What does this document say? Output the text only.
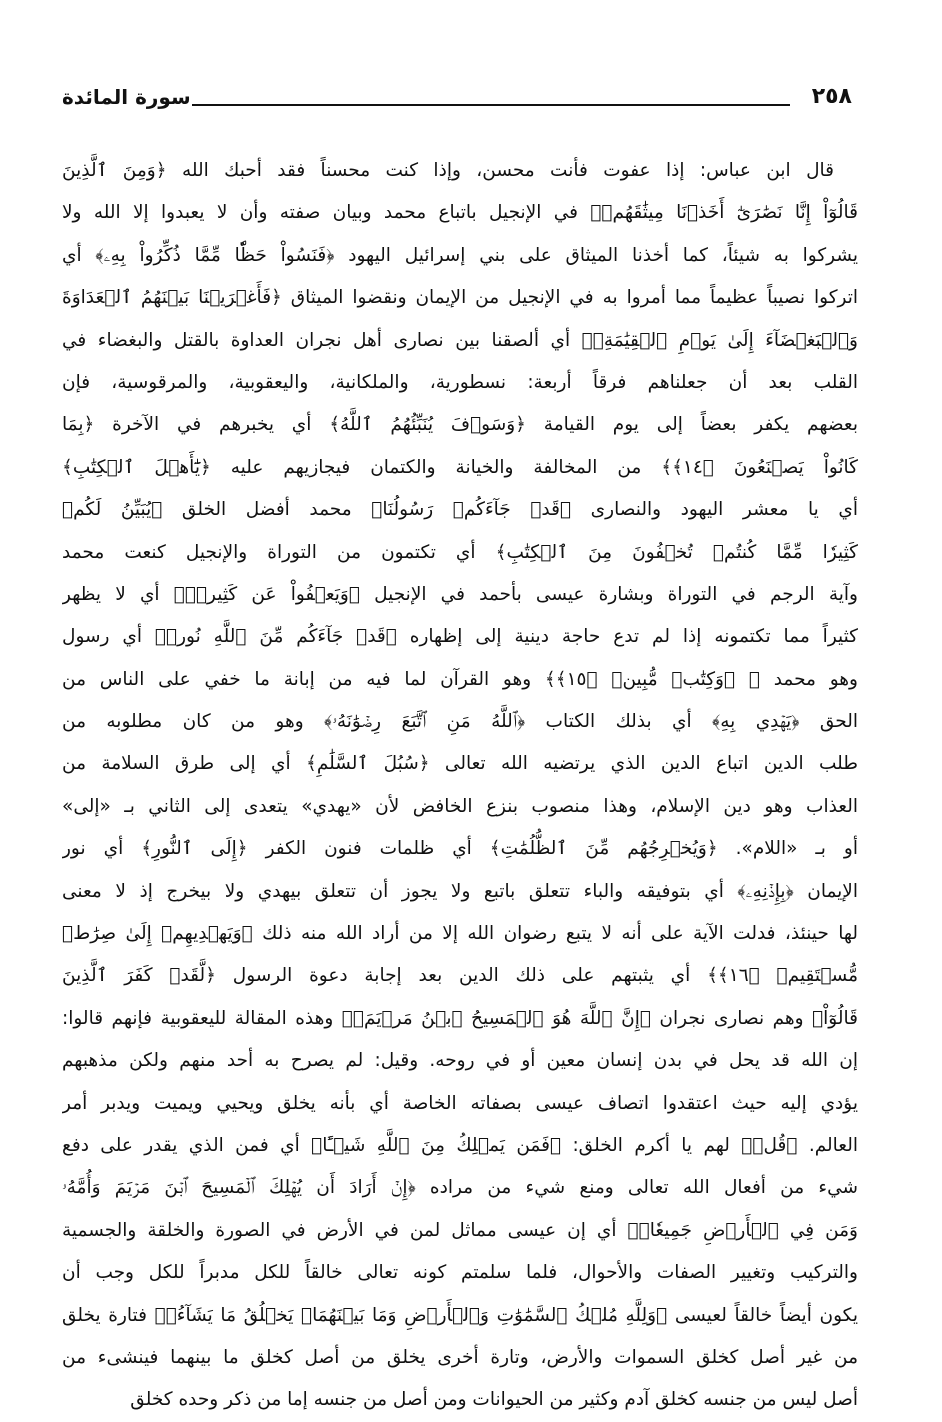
٢٥٨
سورة المائدة
قال ابن عباس: إذا عفوت فأنت محسن، وإذا كنت محسناً فقد أحبك الله ﴿وَمِنَ ٱلَّذِينَ
قَالُوٓاْ إِنَّا نَصَٰرَىٰٓ أَخَذۡنَا مِيثَٰقَهُمۡ﴾ في الإنجيل باتباع محمد وبيان صفته وأن لا يعبدوا إلا الله ولا
يشركوا به شيئاً، كما أخذنا الميثاق على بني إسرائيل اليهود ﴿فَنَسُواْ حَظّٗا مِّمَّا ذُكِّرُواْ بِهِۦ﴾ أي
اتركوا نصيباً عظيماً مما أمروا به في الإنجيل من الإيمان ونقضوا الميثاق ﴿فَأَغۡرَيۡنَا بَيۡنَهُمُ ٱلۡعَدَاوَةَ
وَٱلۡبَغۡضَآءَ إِلَىٰ يَوۡمِ ٱلۡقِيَٰمَةِۚ﴾ أي ألصقنا بين نصارى أهل نجران العداوة بالقتل والبغضاء في
القلب بعد أن جعلناهم فرقاً أربعة: نسطورية، والملكانية، واليعقوبية، والمرقوسية، فإن
بعضهم يكفر بعضاً إلى يوم القيامة ﴿وَسَوۡفَ يُنَبِّئُهُمُ ٱللَّهُ﴾ أي يخبرهم في الآخرة ﴿بِمَا
كَانُواْ يَصۡنَعُونَ ﴿١٤﴾﴾ من المخالفة والخيانة والكتمان فيجازيهم عليه ﴿يَٰٓأَهۡلَ ٱلۡكِتَٰبِ﴾
أي يا معشر اليهود والنصارى ﴿قَدۡ جَآءَكُمۡ رَسُولُنَا﴾ محمد أفضل الخلق ﴿يُبَيِّنُ لَكُمۡ
كَثِيرٗا مِّمَّا كُنتُمۡ تُخۡفُونَ مِنَ ٱلۡكِتَٰبِ﴾ أي تكتمون من التوراة والإنجيل كنعت محمد
وآية الرجم في التوراة وبشارة عيسى بأحمد في الإنجيل ﴿وَيَعۡفُواْ عَن كَثِيرٖۚ﴾ أي لا يظهر
كثيراً مما تكتمونه إذا لم تدع حاجة دينية إلى إظهاره ﴿قَدۡ جَآءَكُم مِّنَ ٱللَّهِ نُورٞ﴾ أي رسول
وهو محمد ﷺ ﴿وَكِتَٰبٞ مُّبِينٞ ﴿١٥﴾﴾ وهو القرآن لما فيه من إبانة ما خفي على الناس من
الحق ﴿يَهۡدِي بِهِ﴾ أي بذلك الكتاب ﴿ٱللَّهُ مَنِ ٱتَّبَعَ رِضۡوَٰنَهُۥ﴾ وهو من كان مطلوبه من
طلب الدين اتباع الدين الذي يرتضيه الله تعالى ﴿سُبُلَ ٱلسَّلَٰمِ﴾ أي إلى طرق السلامة من
العذاب وهو دين الإسلام، وهذا منصوب بنزع الخافض لأن «يهدي» يتعدى إلى الثاني بـ «إلى»
أو بـ «اللام». ﴿وَيُخۡرِجُهُم مِّنَ ٱلظُّلُمَٰتِ﴾ أي ظلمات فنون الكفر ﴿إِلَى ٱلنُّورِ﴾ أي نور
الإيمان ﴿بِإِذۡنِهِۦ﴾ أي بتوفيقه والباء تتعلق باتبع ولا يجوز أن تتعلق بيهدي ولا بيخرج إذ لا معنى
لها حينئذ، فدلت الآية على أنه لا يتبع رضوان الله إلا من أراد الله منه ذلك ﴿وَيَهۡدِيهِمۡ إِلَىٰ صِرَٰطٖ
مُّسۡتَقِيمٖ ﴿١٦﴾﴾ أي يثبتهم على ذلك الدين بعد إجابة دعوة الرسول ﴿لَّقَدۡ كَفَرَ ٱلَّذِينَ
قَالُوٓاْ﴾ وهم نصارى نجران ﴿إِنَّ ٱللَّهَ هُوَ ٱلۡمَسِيحُ ٱبۡنُ مَرۡيَمَۚ﴾ وهذه المقالة لليعقوبية فإنهم قالوا:
إن الله قد يحل في بدن إنسان معين أو في روحه. وقيل: لم يصرح به أحد منهم ولكن مذهبهم
يؤدي إليه حيث اعتقدوا اتصاف عيسى بصفاته الخاصة أي بأنه يخلق ويحيي ويميت ويدبر أمر
العالم. ﴿قُلۡ﴾ لهم يا أكرم الخلق: ﴿فَمَن يَمۡلِكُ مِنَ ٱللَّهِ شَيۡـًٔا﴾ أي فمن الذي يقدر على دفع
شيء من أفعال الله تعالى ومنع شيء من مراده ﴿إِنۡ أَرَادَ أَن يُهۡلِكَ ٱلۡمَسِيحَ ٱبۡنَ مَرۡيَمَ وَأُمَّهُۥ
وَمَن فِي ٱلۡأَرۡضِ جَمِيعٗاۗ﴾ أي إن عيسى مماثل لمن في الأرض في الصورة والخلقة والجسمية
والتركيب وتغيير الصفات والأحوال، فلما سلمتم كونه تعالى خالقاً للكل مدبراً للكل وجب أن
يكون أيضاً خالقاً لعيسى ﴿وَلِلَّهِ مُلۡكُ ٱلسَّمَٰوَٰتِ وَٱلۡأَرۡضِ وَمَا بَيۡنَهُمَاۚ يَخۡلُقُ مَا يَشَآءُۚ﴾ فتارة يخلق
من غير أصل كخلق السموات والأرض، وتارة أخرى يخلق من أصل كخلق ما بينهما فينشىء من
أصل ليس من جنسه كخلق آدم وكثير من الحيوانات ومن أصل من جنسه إما من ذكر وحده كخلق
